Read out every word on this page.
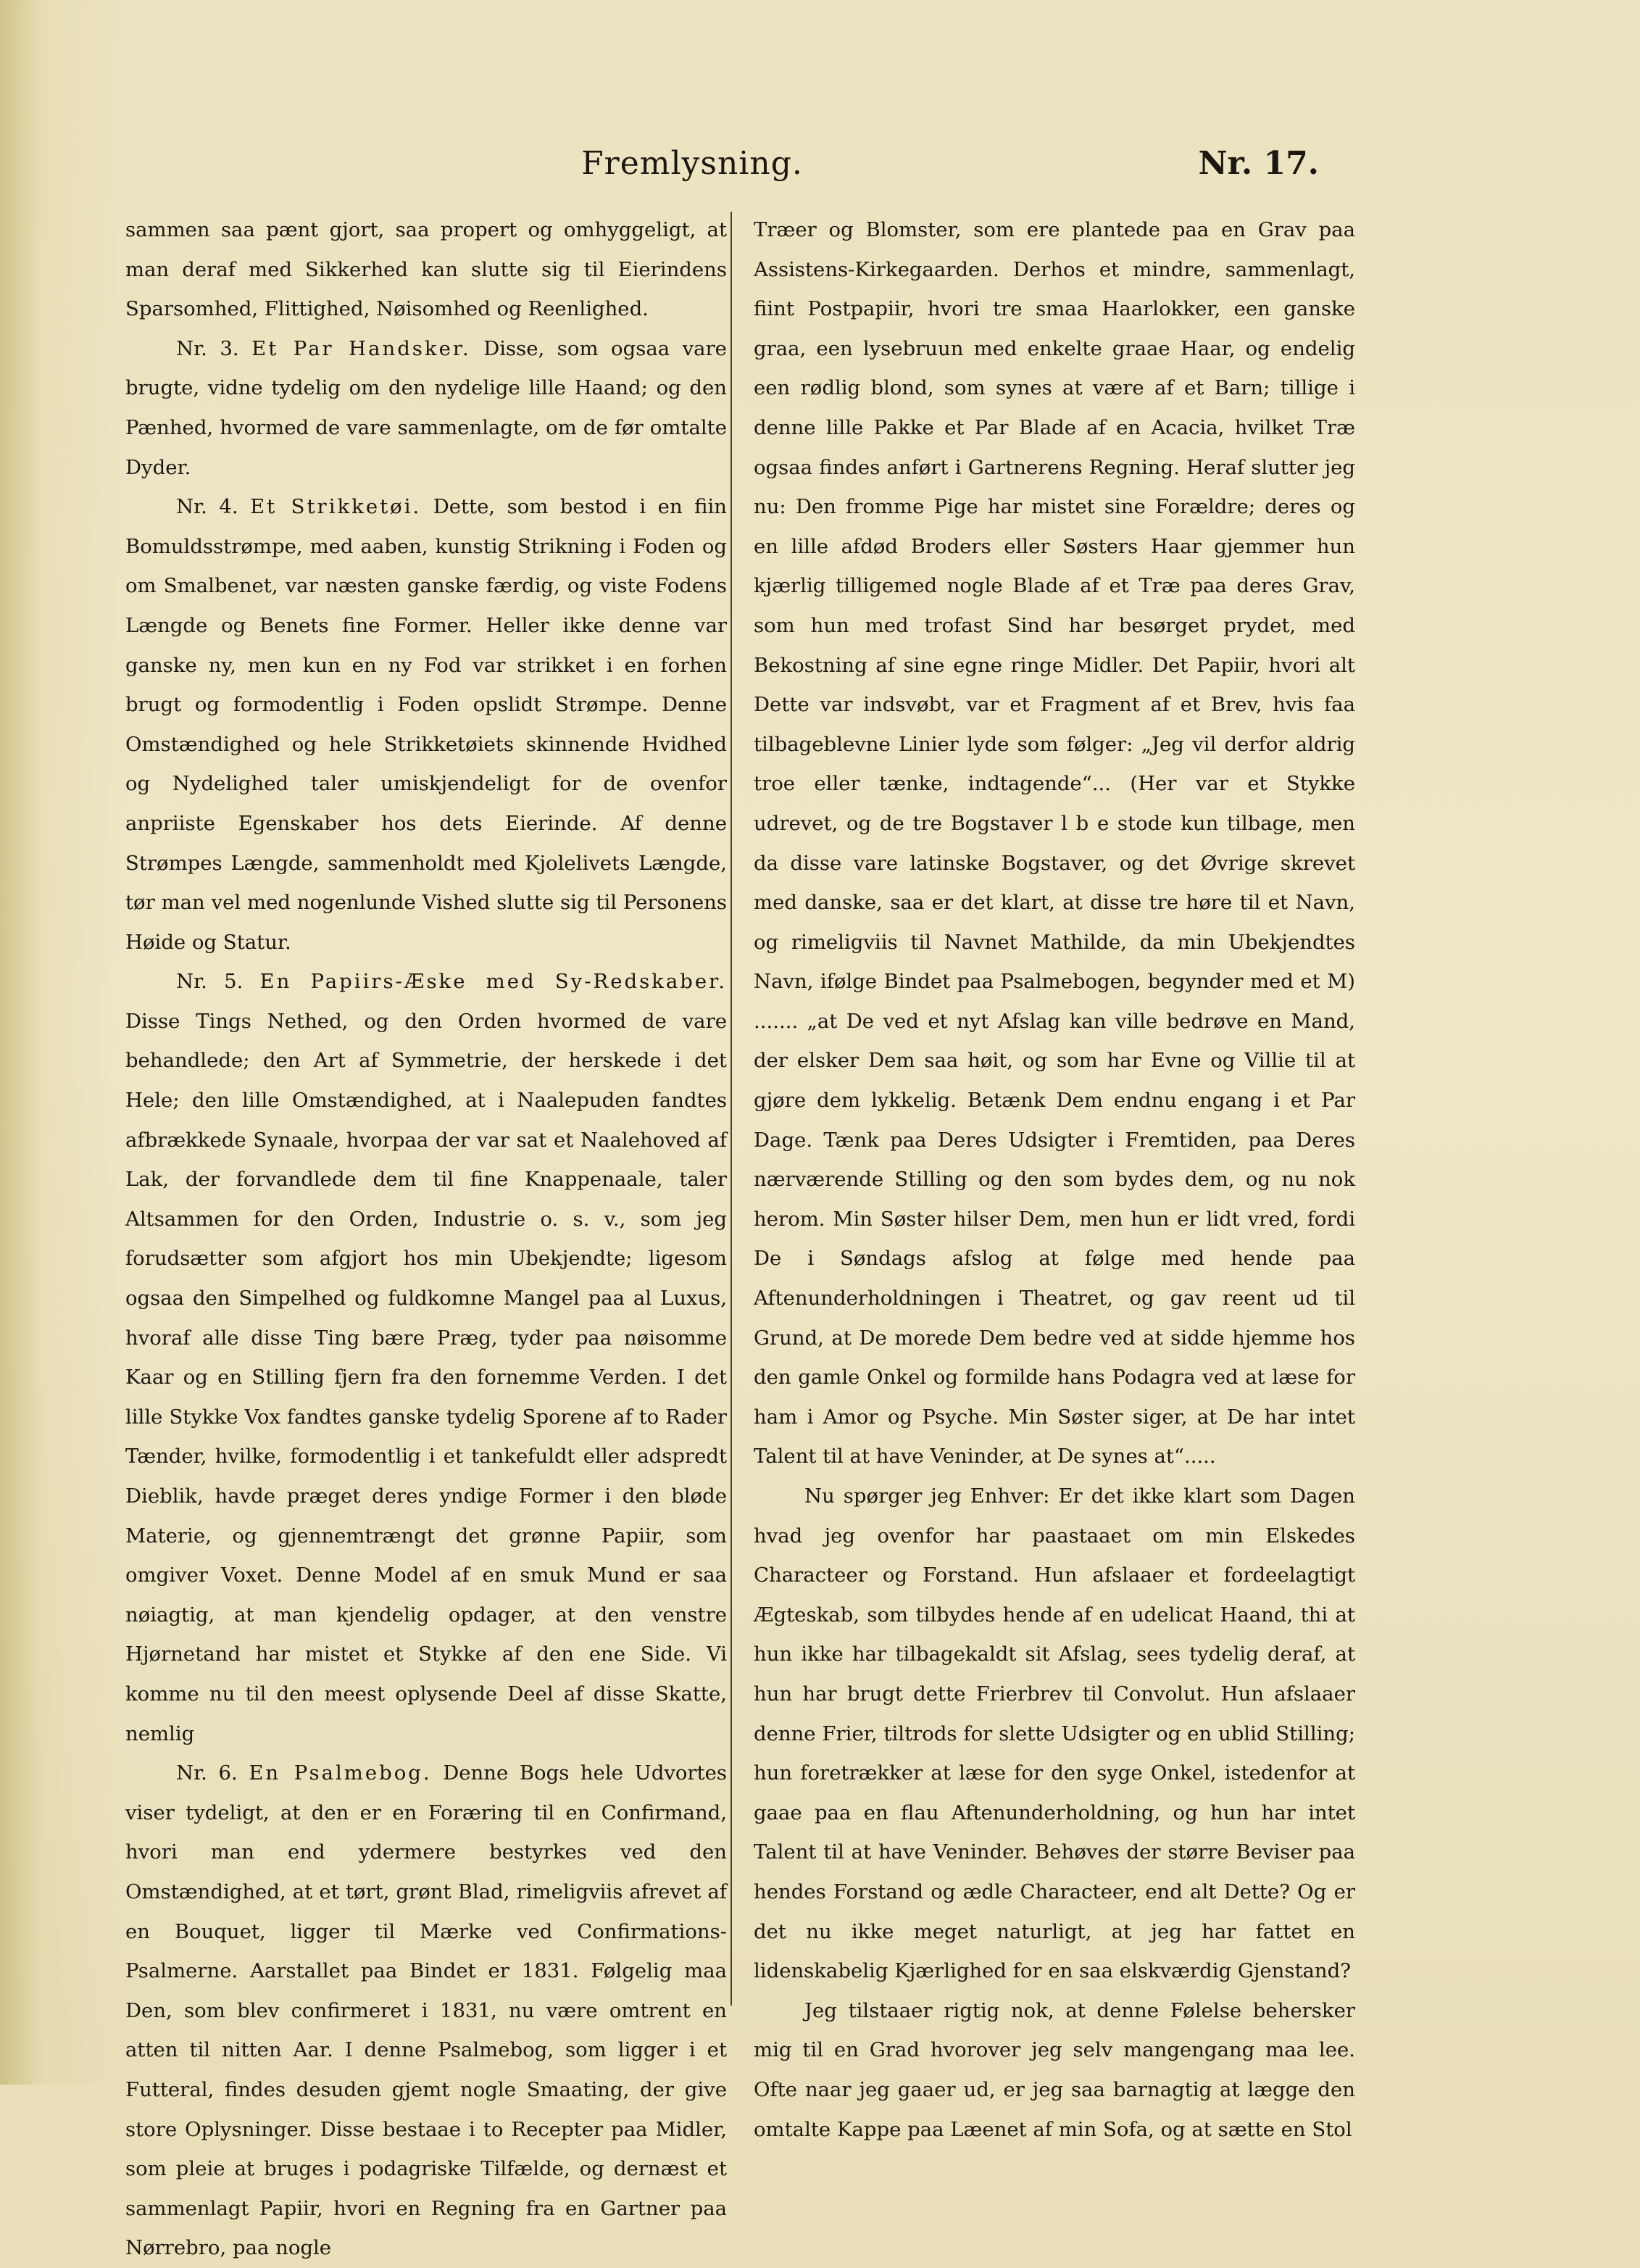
Fremlysning.	Nr. 17.

sammen saa pænt gjort, saa propert og omhyggeligt, at man deraf med Sikkerhed kan slutte sig til Eierindens Sparsomhed, Flittighed, Nøisomhed og Reenlighed.

Nr. 3. Et Par Handsker. Disse, som ogsaa vare brugte, vidne tydelig om den nydelige lille Haand; og den Pænhed, hvormed de vare sammenlagte, om de før omtalte Dyder.

Nr. 4. Et Strikketøi. Dette, som bestod i en fiin Bomuldsstrømpe, med aaben, kunstig Strikning i Foden og om Smalbenet, var næsten ganske færdig, og viste Fodens Længde og Benets fine Former. Heller ikke denne var ganske ny, men kun en ny Fod var strikket i en forhen brugt og formodentlig i Foden opslidt Strømpe. Denne Omstændighed og hele Strikketøiets skinnende Hvidhed og Nydelighed taler umiskjendeligt for de ovenfor anpriiste Egenskaber hos dets Eierinde. Af denne Strømpes Længde, sammenholdt med Kjolelivets Længde, tør man vel med nogenlunde Vished slutte sig til Personens Høide og Statur.

Nr. 5. En Papiirs-Æske med Sy-Redskaber. Disse Tings Nethed, og den Orden hvormed de vare behandlede; den Art af Symmetrie, der herskede i det Hele; den lille Omstændighed, at i Naalepuden fandtes afbrækkede Synaale, hvorpaa der var sat et Naalehoved af Lak, der forvandlede dem til fine Knappenaale, taler Altsammen for den Orden, Industrie o. s. v., som jeg forudsætter som afgjort hos min Ubekjendte; ligesom ogsaa den Simpelhed og fuldkomne Mangel paa al Luxus, hvoraf alle disse Ting bære Præg, tyder paa nøisomme Kaar og en Stilling fjern fra den fornemme Verden. I det lille Stykke Vox fandtes ganske tydelig Sporene af to Rader Tænder, hvilke, formodentlig i et tankefuldt eller adspredt Dieblik, havde præget deres yndige Former i den bløde Materie, og gjennemtrængt det grønne Papiir, som omgiver Voxet. Denne Model af en smuk Mund er saa nøiagtig, at man kjendelig opdager, at den venstre Hjørnetand har mistet et Stykke af den ene Side. Vi komme nu til den meest oplysende Deel af disse Skatte, nemlig

Nr. 6. En Psalmebog. Denne Bogs hele Udvortes viser tydeligt, at den er en Foræring til en Confirmand, hvori man end ydermere bestyrkes ved den Omstændighed, at et tørt, grønt Blad, rimeligviis afrevet af en Bouquet, ligger til Mærke ved Confirmations-Psalmerne. Aarstallet paa Bindet er 1831. Følgelig maa Den, som blev confirmeret i 1831, nu være omtrent en atten til nitten Aar. I denne Psalmebog, som ligger i et Futteral, findes desuden gjemt nogle Smaating, der give store Oplysninger. Disse bestaae i to Recepter paa Midler, som pleie at bruges i podagriske Tilfælde, og dernæst et sammenlagt Papiir, hvori en Regning fra en Gartner paa Nørrebro, paa nogle

Træer og Blomster, som ere plantede paa en Grav paa Assistens-Kirkegaarden. Derhos et mindre, sammenlagt, fiint Postpapiir, hvori tre smaa Haarlokker, een ganske graa, een lysebruun med enkelte graae Haar, og endelig een rødlig blond, som synes at være af et Barn; tillige i denne lille Pakke et Par Blade af en Acacia, hvilket Træ ogsaa findes anført i Gartnerens Regning. Heraf slutter jeg nu: Den fromme Pige har mistet sine Forældre; deres og en lille afdød Broders eller Søsters Haar gjemmer hun kjærlig tilligemed nogle Blade af et Træ paa deres Grav, som hun med trofast Sind har besørget prydet, med Bekostning af sine egne ringe Midler. Det Papiir, hvori alt Dette var indsvøbt, var et Fragment af et Brev, hvis faa tilbageblevne Linier lyde som følger: „Jeg vil derfor aldrig troe eller tænke, indtagende“... (Her var et Stykke udrevet, og de tre Bogstaver l b e stode kun tilbage, men da disse vare latinske Bogstaver, og det Øvrige skrevet med danske, saa er det klart, at disse tre høre til et Navn, og rimeligviis til Navnet Mathilde, da min Ubekjendtes Navn, ifølge Bindet paa Psalmebogen, begynder med et M) ....... „at De ved et nyt Afslag kan ville bedrøve en Mand, der elsker Dem saa høit, og som har Evne og Villie til at gjøre dem lykkelig. Betænk Dem endnu engang i et Par Dage. Tænk paa Deres Udsigter i Fremtiden, paa Deres nærværende Stilling og den som bydes dem, og nu nok herom. Min Søster hilser Dem, men hun er lidt vred, fordi De i Søndags afslog at følge med hende paa Aftenunderholdningen i Theatret, og gav reent ud til Grund, at De morede Dem bedre ved at sidde hjemme hos den gamle Onkel og formilde hans Podagra ved at læse for ham i Amor og Psyche. Min Søster siger, at De har intet Talent til at have Veninder, at De synes at“.....

Nu spørger jeg Enhver: Er det ikke klart som Dagen hvad jeg ovenfor har paastaaet om min Elskedes Characteer og Forstand. Hun afslaaer et fordeelagtigt Ægteskab, som tilbydes hende af en udelicat Haand, thi at hun ikke har tilbagekaldt sit Afslag, sees tydelig deraf, at hun har brugt dette Frierbrev til Convolut. Hun afslaaer denne Frier, tiltrods for slette Udsigter og en ublid Stilling; hun foretrækker at læse for den syge Onkel, istedenfor at gaae paa en flau Aftenunderholdning, og hun har intet Talent til at have Veninder. Behøves der større Beviser paa hendes Forstand og ædle Characteer, end alt Dette? Og er det nu ikke meget naturligt, at jeg har fattet en lidenskabelig Kjærlighed for en saa elskværdig Gjenstand?

Jeg tilstaaer rigtig nok, at denne Følelse behersker mig til en Grad hvorover jeg selv mangengang maa lee. Ofte naar jeg gaaer ud, er jeg saa barnagtig at lægge den omtalte Kappe paa Læenet af min Sofa, og at sætte en Stol
